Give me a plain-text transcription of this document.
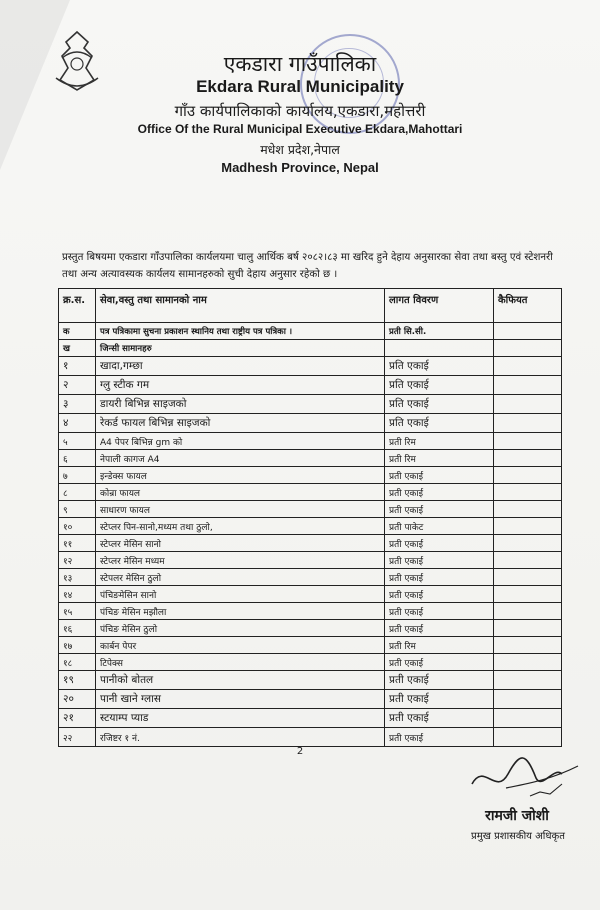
एकडारा गाउँपालिका
Ekdara Rural Municipality
गाँउ कार्यपालिकाको कार्यालय,एकडारा,महोत्तरी
Office Of the Rural Municipal Executive Ekdara,Mahottari
मधेश प्रदेश,नेपाल
Madhesh Province, Nepal
प्रस्तुत बिषयमा एकडारा गाँउपालिका कार्यलयमा चालु आर्थिक बर्ष २०८२।८३ मा खरिद हुने देहाय अनुसारका सेवा तथा बस्तु एवं स्टेशनरी तथा अन्य अत्यावस्यक कार्यलय सामानहरुको सुची देहाय अनुसार रहेको छ ।
क्र.स.	सेवा,वस्तु तथा सामानको नाम	लागत विवरण	कैफियत
क	पत्र पत्रिकामा सुचना प्रकाशन स्थानिय तथा राष्ट्रीय पत्र पत्रिका ।	प्रती सि.सी.	
ख	जिन्सी सामानहरु		
१	खादा,गम्छा	प्रति एकाई	
२	ग्लु स्टीक गम	प्रति एकाई	
३	डायरी बिभिन्न साइजको	प्रति एकाई	
४	रेकर्ड फायल बिभिन्न साइजको	प्रति एकाई	
५	A4 पेपर बिभिन्न gm को	प्रती रिम	
६	नेपाली कागज A4	प्रती रिम	
७	इन्डेक्स फायल	प्रती एकाई	
८	कोन्रा फायल	प्रती एकाई	
९	साधारण फायल	प्रती एकाई	
१०	स्टेप्लर पिन-सानो,मध्यम तथा ठुलो,	प्रती पाकेट	
११	स्टेप्लर मेसिन सानो	प्रती एकाई	
१२	स्टेप्लर मेसिन मध्यम	प्रती एकाई	
१३	स्टेपलर मेसिन ठुलो	प्रती एकाई	
१४	पंचिङमेसिन सानो	प्रती एकाई	
१५	पंचिङ मेसिन मझौला	प्रती एकाई	
१६	पंचिङ मेसिन ठुलो	प्रती एकाई	
१७	कार्बन पेपर	प्रती रिम	
१८	टिपेक्स	प्रती एकाई	
१९	पानीको बोतल	प्रती एकाई	
२०	पानी खाने ग्लास	प्रती एकाई	
२१	स्टयाम्प प्याड	प्रती एकाई	
२२	रजिष्टर १ नं.	प्रती एकाई	
2
रामजी जोशी
प्रमुख प्रशासकीय अधिकृत
